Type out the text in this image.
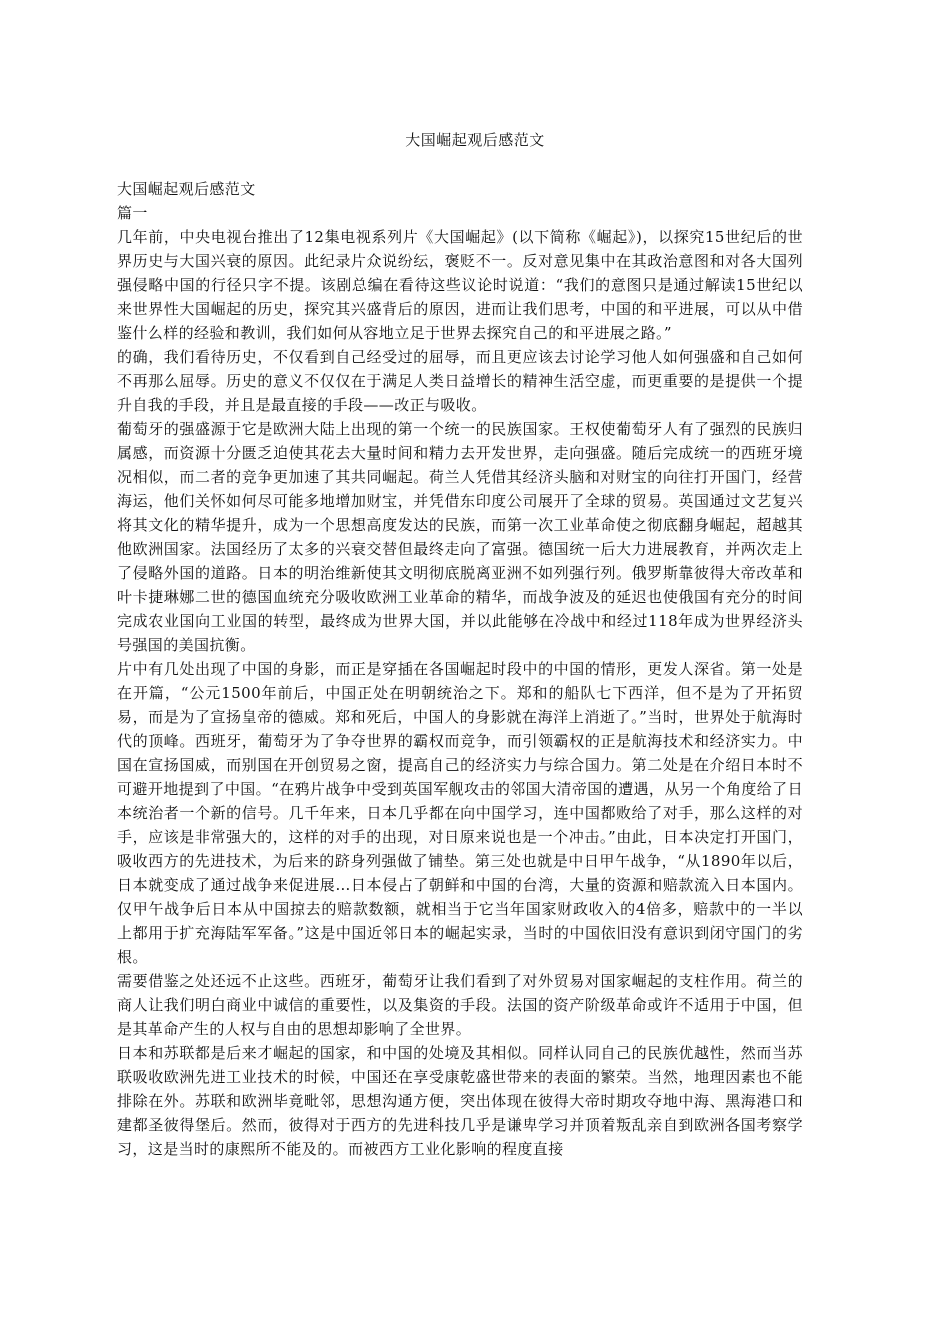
大国崛起观后感范文

大国崛起观后感范文

篇一

几年前，中央电视台推出了12集电视系列片《大国崛起》(以下简称《崛起》)，以探究15世纪后的世界历史与大国兴衰的原因。此纪录片众说纷纭，褒贬不一。反对意见集中在其政治意图和对各大国列强侵略中国的行径只字不提。该剧总编在看待这些议论时说道：“我们的意图只是通过解读15世纪以来世界性大国崛起的历史，探究其兴盛背后的原因，进而让我们思考，中国的和平进展，可以从中借鉴什么样的经验和教训，我们如何从容地立足于世界去探究自己的和平进展之路。”

的确，我们看待历史，不仅看到自己经受过的屈辱，而且更应该去讨论学习他人如何强盛和自己如何不再那么屈辱。历史的意义不仅仅在于满足人类日益增长的精神生活空虚，而更重要的是提供一个提升自我的手段，并且是最直接的手段——改正与吸收。

葡萄牙的强盛源于它是欧洲大陆上出现的第一个统一的民族国家。王权使葡萄牙人有了强烈的民族归属感，而资源十分匮乏迫使其花去大量时间和精力去开发世界，走向强盛。随后完成统一的西班牙境况相似，而二者的竞争更加速了其共同崛起。荷兰人凭借其经济头脑和对财宝的向往打开国门，经营海运，他们关怀如何尽可能多地增加财宝，并凭借东印度公司展开了全球的贸易。英国通过文艺复兴将其文化的精华提升，成为一个思想高度发达的民族，而第一次工业革命使之彻底翻身崛起，超越其他欧洲国家。法国经历了太多的兴衰交替但最终走向了富强。德国统一后大力进展教育，并两次走上了侵略外国的道路。日本的明治维新使其文明彻底脱离亚洲不如列强行列。俄罗斯靠彼得大帝改革和叶卡捷琳娜二世的德国血统充分吸收欧洲工业革命的精华，而战争波及的延迟也使俄国有充分的时间完成农业国向工业国的转型，最终成为世界大国，并以此能够在冷战中和经过118年成为世界经济头号强国的美国抗衡。

片中有几处出现了中国的身影，而正是穿插在各国崛起时段中的中国的情形，更发人深省。第一处是在开篇，“公元1500年前后，中国正处在明朝统治之下。郑和的船队七下西洋，但不是为了开拓贸易，而是为了宣扬皇帝的德威。郑和死后，中国人的身影就在海洋上消逝了。”当时，世界处于航海时代的顶峰。西班牙，葡萄牙为了争夺世界的霸权而竞争，而引领霸权的正是航海技术和经济实力。中国在宣扬国威，而别国在开创贸易之窗，提高自己的经济实力与综合国力。第二处是在介绍日本时不可避开地提到了中国。“在鸦片战争中受到英国军舰攻击的邻国大清帝国的遭遇，从另一个角度给了日本统治者一个新的信号。几千年来，日本几乎都在向中国学习，连中国都败给了对手，那么这样的对手，应该是非常强大的，这样的对手的出现，对日原来说也是一个冲击。”由此，日本决定打开国门，吸收西方的先进技术，为后来的跻身列强做了铺垫。第三处也就是中日甲午战争，“从1890年以后，日本就变成了通过战争来促进展…日本侵占了朝鲜和中国的台湾，大量的资源和赔款流入日本国内。仅甲午战争后日本从中国掠去的赔款数额，就相当于它当年国家财政收入的4倍多，赔款中的一半以上都用于扩充海陆军军备。”这是中国近邻日本的崛起实录，当时的中国依旧没有意识到闭守国门的劣根。

需要借鉴之处还远不止这些。西班牙，葡萄牙让我们看到了对外贸易对国家崛起的支柱作用。荷兰的商人让我们明白商业中诚信的重要性，以及集资的手段。法国的资产阶级革命或许不适用于中国，但是其革命产生的人权与自由的思想却影响了全世界。

日本和苏联都是后来才崛起的国家，和中国的处境及其相似。同样认同自己的民族优越性，然而当苏联吸收欧洲先进工业技术的时候，中国还在享受康乾盛世带来的表面的繁荣。当然，地理因素也不能排除在外。苏联和欧洲毕竟毗邻，思想沟通方便，突出体现在彼得大帝时期攻夺地中海、黑海港口和建都圣彼得堡后。然而，彼得对于西方的先进科技几乎是谦卑学习并顶着叛乱亲自到欧洲各国考察学习，这是当时的康熙所不能及的。而被西方工业化影响的程度直接
